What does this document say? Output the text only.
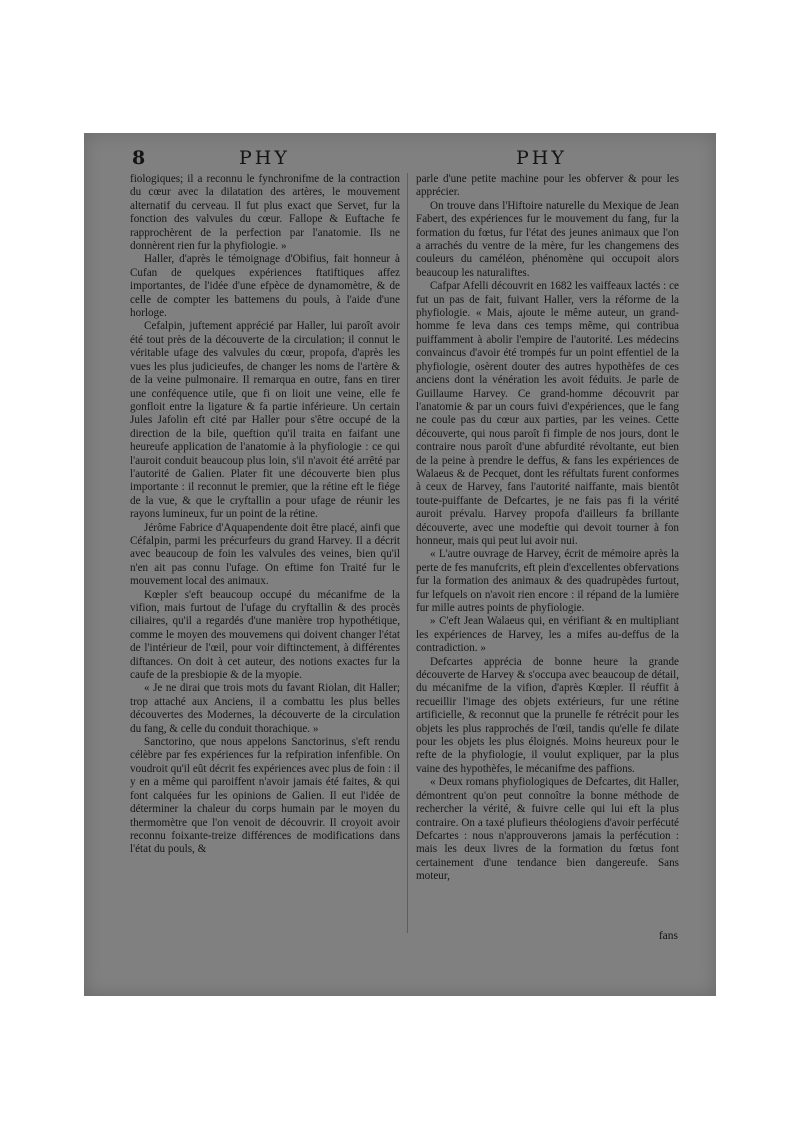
8	PHY	PHY

fiologiques; il a reconnu le fynchronifme de la contraction du cœur avec la dilatation des artères, le mouvement alternatif du cerveau. Il fut plus exact que Servet, fur la fonction des valvules du cœur. Fallope & Euftache fe rapprochèrent de la perfection par l'anatomie. Ils ne donnèrent rien fur la phyfiologie. »

Haller, d'après le témoignage d'Obifius, fait honneur à Cufan de quelques expériences ftatiftiques affez importantes, de l'idée d'une efpèce de dynamomètre, & de celle de compter les battemens du pouls, à l'aide d'une horloge.

Cefalpin, juftement apprécié par Haller, lui paroît avoir été tout près de la découverte de la circulation; il connut le véritable ufage des valvules du cœur, propofa, d'après les vues les plus judicieufes, de changer les noms de l'artère & de la veine pulmonaire. Il remarqua en outre, fans en tirer une conféquence utile, que fi on lioit une veine, elle fe gonfloit entre la ligature & fa partie inférieure. Un certain Jules Jafolin eft cité par Haller pour s'être occupé de la direction de la bile, queftion qu'il traita en faifant une heureufe application de l'anatomie à la phyfiologie : ce qui l'auroit conduit beaucoup plus loin, s'il n'avoit été arrêté par l'autorité de Galien. Plater fit une découverte bien plus importante : il reconnut le premier, que la rétine eft le fiége de la vue, & que le cryftallin a pour ufage de réunir les rayons lumineux, fur un point de la rétine.

Jérôme Fabrice d'Aquapendente doit être placé, ainfi que Céfalpin, parmi les précurfeurs du grand Harvey. Il a décrit avec beaucoup de foin les valvules des veines, bien qu'il n'en ait pas connu l'ufage. On eftime fon Traité fur le mouvement local des animaux.

Kœpler s'eft beaucoup occupé du mécanifme de la vifion, mais furtout de l'ufage du cryftallin & des procès ciliaires, qu'il a regardés d'une manière trop hypothétique, comme le moyen des mouvemens qui doivent changer l'état de l'intérieur de l'œil, pour voir diftinctement, à différentes diftances. On doit à cet auteur, des notions exactes fur la caufe de la presbiopie & de la myopie.

« Je ne dirai que trois mots du favant Riolan, dit Haller; trop attaché aux Anciens, il a combattu les plus belles découvertes des Modernes, la découverte de la circulation du fang, & celle du conduit thorachique. »

Sanctorino, que nous appelons Sanctorinus, s'eft rendu célèbre par fes expériences fur la refpiration infenfible. On voudroit qu'il eût décrit fes expériences avec plus de foin : il y en a même qui paroiffent n'avoir jamais été faites, & qui font calquées fur les opinions de Galien. Il eut l'idée de déterminer la chaleur du corps humain par le moyen du thermomètre que l'on venoit de découvrir. Il croyoit avoir reconnu foixante-treize différences de modifications dans l'état du pouls, &

parle d'une petite machine pour les obferver & pour les apprécier.

On trouve dans l'Hiftoire naturelle du Mexique de Jean Fabert, des expériences fur le mouvement du fang, fur la formation du fœtus, fur l'état des jeunes animaux que l'on a arrachés du ventre de la mère, fur les changemens des couleurs du caméléon, phénomène qui occupoit alors beaucoup les naturaliftes.

Cafpar Afelli découvrit en 1682 les vaiffeaux lactés : ce fut un pas de fait, fuivant Haller, vers la réforme de la phyfiologie. « Mais, ajoute le même auteur, un grand-homme fe leva dans ces temps même, qui contribua puiffamment à abolir l'empire de l'autorité. Les médecins convaincus d'avoir été trompés fur un point effentiel de la phyfiologie, osèrent douter des autres hypothèfes de ces anciens dont la vénération les avoit féduits. Je parle de Guillaume Harvey. Ce grand-homme découvrit par l'anatomie & par un cours fuivi d'expériences, que le fang ne coule pas du cœur aux parties, par les veines. Cette découverte, qui nous paroît fi fimple de nos jours, dont le contraire nous paroît d'une abfurdité révoltante, eut bien de la peine à prendre le deffus, & fans les expériences de Walaeus & de Pecquet, dont les réfultats furent conformes à ceux de Harvey, fans l'autorité naiffante, mais bientôt toute-puiffante de Defcartes, je ne fais pas fi la vérité auroit prévalu. Harvey propofa d'ailleurs fa brillante découverte, avec une modeftie qui devoit tourner à fon honneur, mais qui peut lui avoir nui.

« L'autre ouvrage de Harvey, écrit de mémoire après la perte de fes manufcrits, eft plein d'excellentes obfervations fur la formation des animaux & des quadrupèdes furtout, fur lefquels on n'avoit rien encore : il répand de la lumière fur mille autres points de phyfiologie.

» C'eft Jean Walaeus qui, en vérifiant & en multipliant les expériences de Harvey, les a mifes au-deffus de la contradiction. »

Defcartes apprécia de bonne heure la grande découverte de Harvey & s'occupa avec beaucoup de détail, du mécanifme de la vifion, d'après Kœpler. Il réuffit à recueillir l'image des objets extérieurs, fur une rétine artificielle, & reconnut que la prunelle fe rétrécit pour les objets les plus rapprochés de l'œil, tandis qu'elle fe dilate pour les objets les plus éloignés. Moins heureux pour le refte de la phyfiologie, il voulut expliquer, par la plus vaine des hypothèfes, le mécanifme des paffions.

« Deux romans phyfiologiques de Defcartes, dit Haller, démontrent qu'on peut connoître la bonne méthode de rechercher la vérité, & fuivre celle qui lui eft la plus contraire. On a taxé plufieurs théologiens d'avoir perfécuté Defcartes : nous n'approuverons jamais la perfécution : mais les deux livres de la formation du fœtus font certainement d'une tendance bien dangereufe. Sans moteur,

fans
